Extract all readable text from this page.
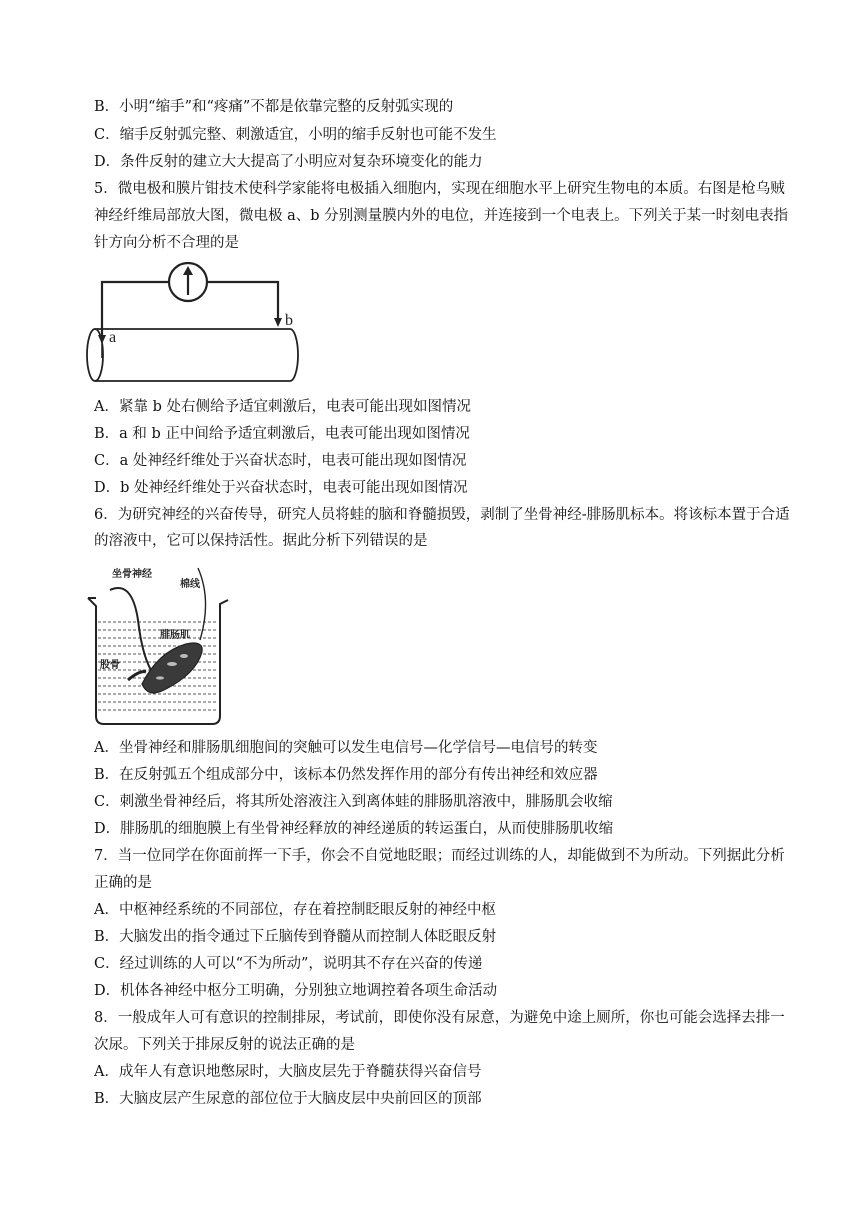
B．小明“缩手”和“疼痛”不都是依靠完整的反射弧实现的
C．缩手反射弧完整、刺激适宜，小明的缩手反射也可能不发生
D．条件反射的建立大大提高了小明应对复杂环境变化的能力
5．微电极和膜片钳技术使科学家能将电极插入细胞内，实现在细胞水平上研究生物电的本质。右图是枪乌贼
神经纤维局部放大图，微电极 a、b 分别测量膜内外的电位，并连接到一个电表上。下列关于某一时刻电表指
针方向分析不合理的是
a
b
A．紧靠 b 处右侧给予适宜刺激后，电表可能出现如图情况
B．a 和 b 正中间给予适宜刺激后，电表可能出现如图情况
C．a 处神经纤维处于兴奋状态时，电表可能出现如图情况
D．b 处神经纤维处于兴奋状态时，电表可能出现如图情况
6．为研究神经的兴奋传导，研究人员将蛙的脑和脊髓损毁，剥制了坐骨神经-腓肠肌标本。将该标本置于合适
的溶液中，它可以保持活性。据此分析下列错误的是
坐骨神经
棉线
腓肠肌
股骨
A．坐骨神经和腓肠肌细胞间的突触可以发生电信号—化学信号—电信号的转变
B．在反射弧五个组成部分中，该标本仍然发挥作用的部分有传出神经和效应器
C．刺激坐骨神经后，将其所处溶液注入到离体蛙的腓肠肌溶液中，腓肠肌会收缩
D．腓肠肌的细胞膜上有坐骨神经释放的神经递质的转运蛋白，从而使腓肠肌收缩
7．当一位同学在你面前挥一下手，你会不自觉地眨眼；而经过训练的人，却能做到不为所动。下列据此分析
正确的是
A．中枢神经系统的不同部位，存在着控制眨眼反射的神经中枢
B．大脑发出的指令通过下丘脑传到脊髓从而控制人体眨眼反射
C．经过训练的人可以“不为所动”，说明其不存在兴奋的传递
D．机体各神经中枢分工明确，分别独立地调控着各项生命活动
8．一般成年人可有意识的控制排尿，考试前，即使你没有尿意，为避免中途上厕所，你也可能会选择去排一
次尿。下列关于排尿反射的说法正确的是
A．成年人有意识地憋尿时，大脑皮层先于脊髓获得兴奋信号
B．大脑皮层产生尿意的部位位于大脑皮层中央前回区的顶部
